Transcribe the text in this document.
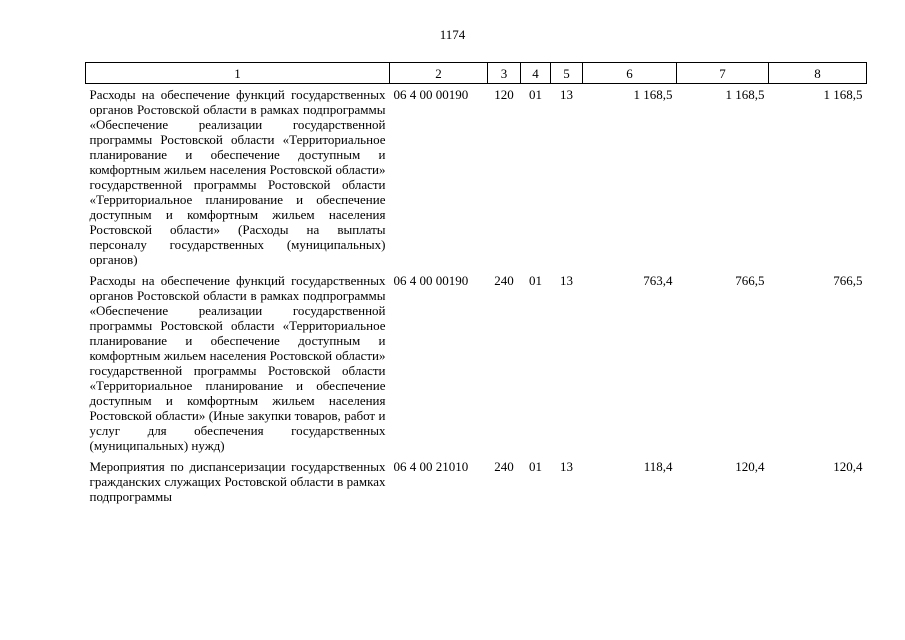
1174
1	2	3	4	5	6	7	8
Расходы на обеспечение функций государственных органов Ростовской области в рамках подпрограммы «Обеспечение реализации государственной программы Ростовской области «Территориальное планирование и обеспечение доступным и комфортным жильем населения Ростовской области» государственной программы Ростовской области «Территориальное планирование и обеспечение доступным и комфортным жильем населения Ростовской области» (Расходы на выплаты персоналу государственных (муниципальных) органов)	06 4 00 00190	120	01	13	1 168,5	1 168,5	1 168,5
Расходы на обеспечение функций государственных органов Ростовской области в рамках подпрограммы «Обеспечение реализации государственной программы Ростовской области «Территориальное планирование и обеспечение доступным и комфортным жильем населения Ростовской области» государственной программы Ростовской области «Территориальное планирование и обеспечение доступным и комфортным жильем населения Ростовской области» (Иные закупки товаров, работ и услуг для обеспечения государственных (муниципальных) нужд)	06 4 00 00190	240	01	13	763,4	766,5	766,5
Мероприятия по диспансеризации государственных гражданских служащих Ростовской области в рамках подпрограммы	06 4 00 21010	240	01	13	118,4	120,4	120,4
